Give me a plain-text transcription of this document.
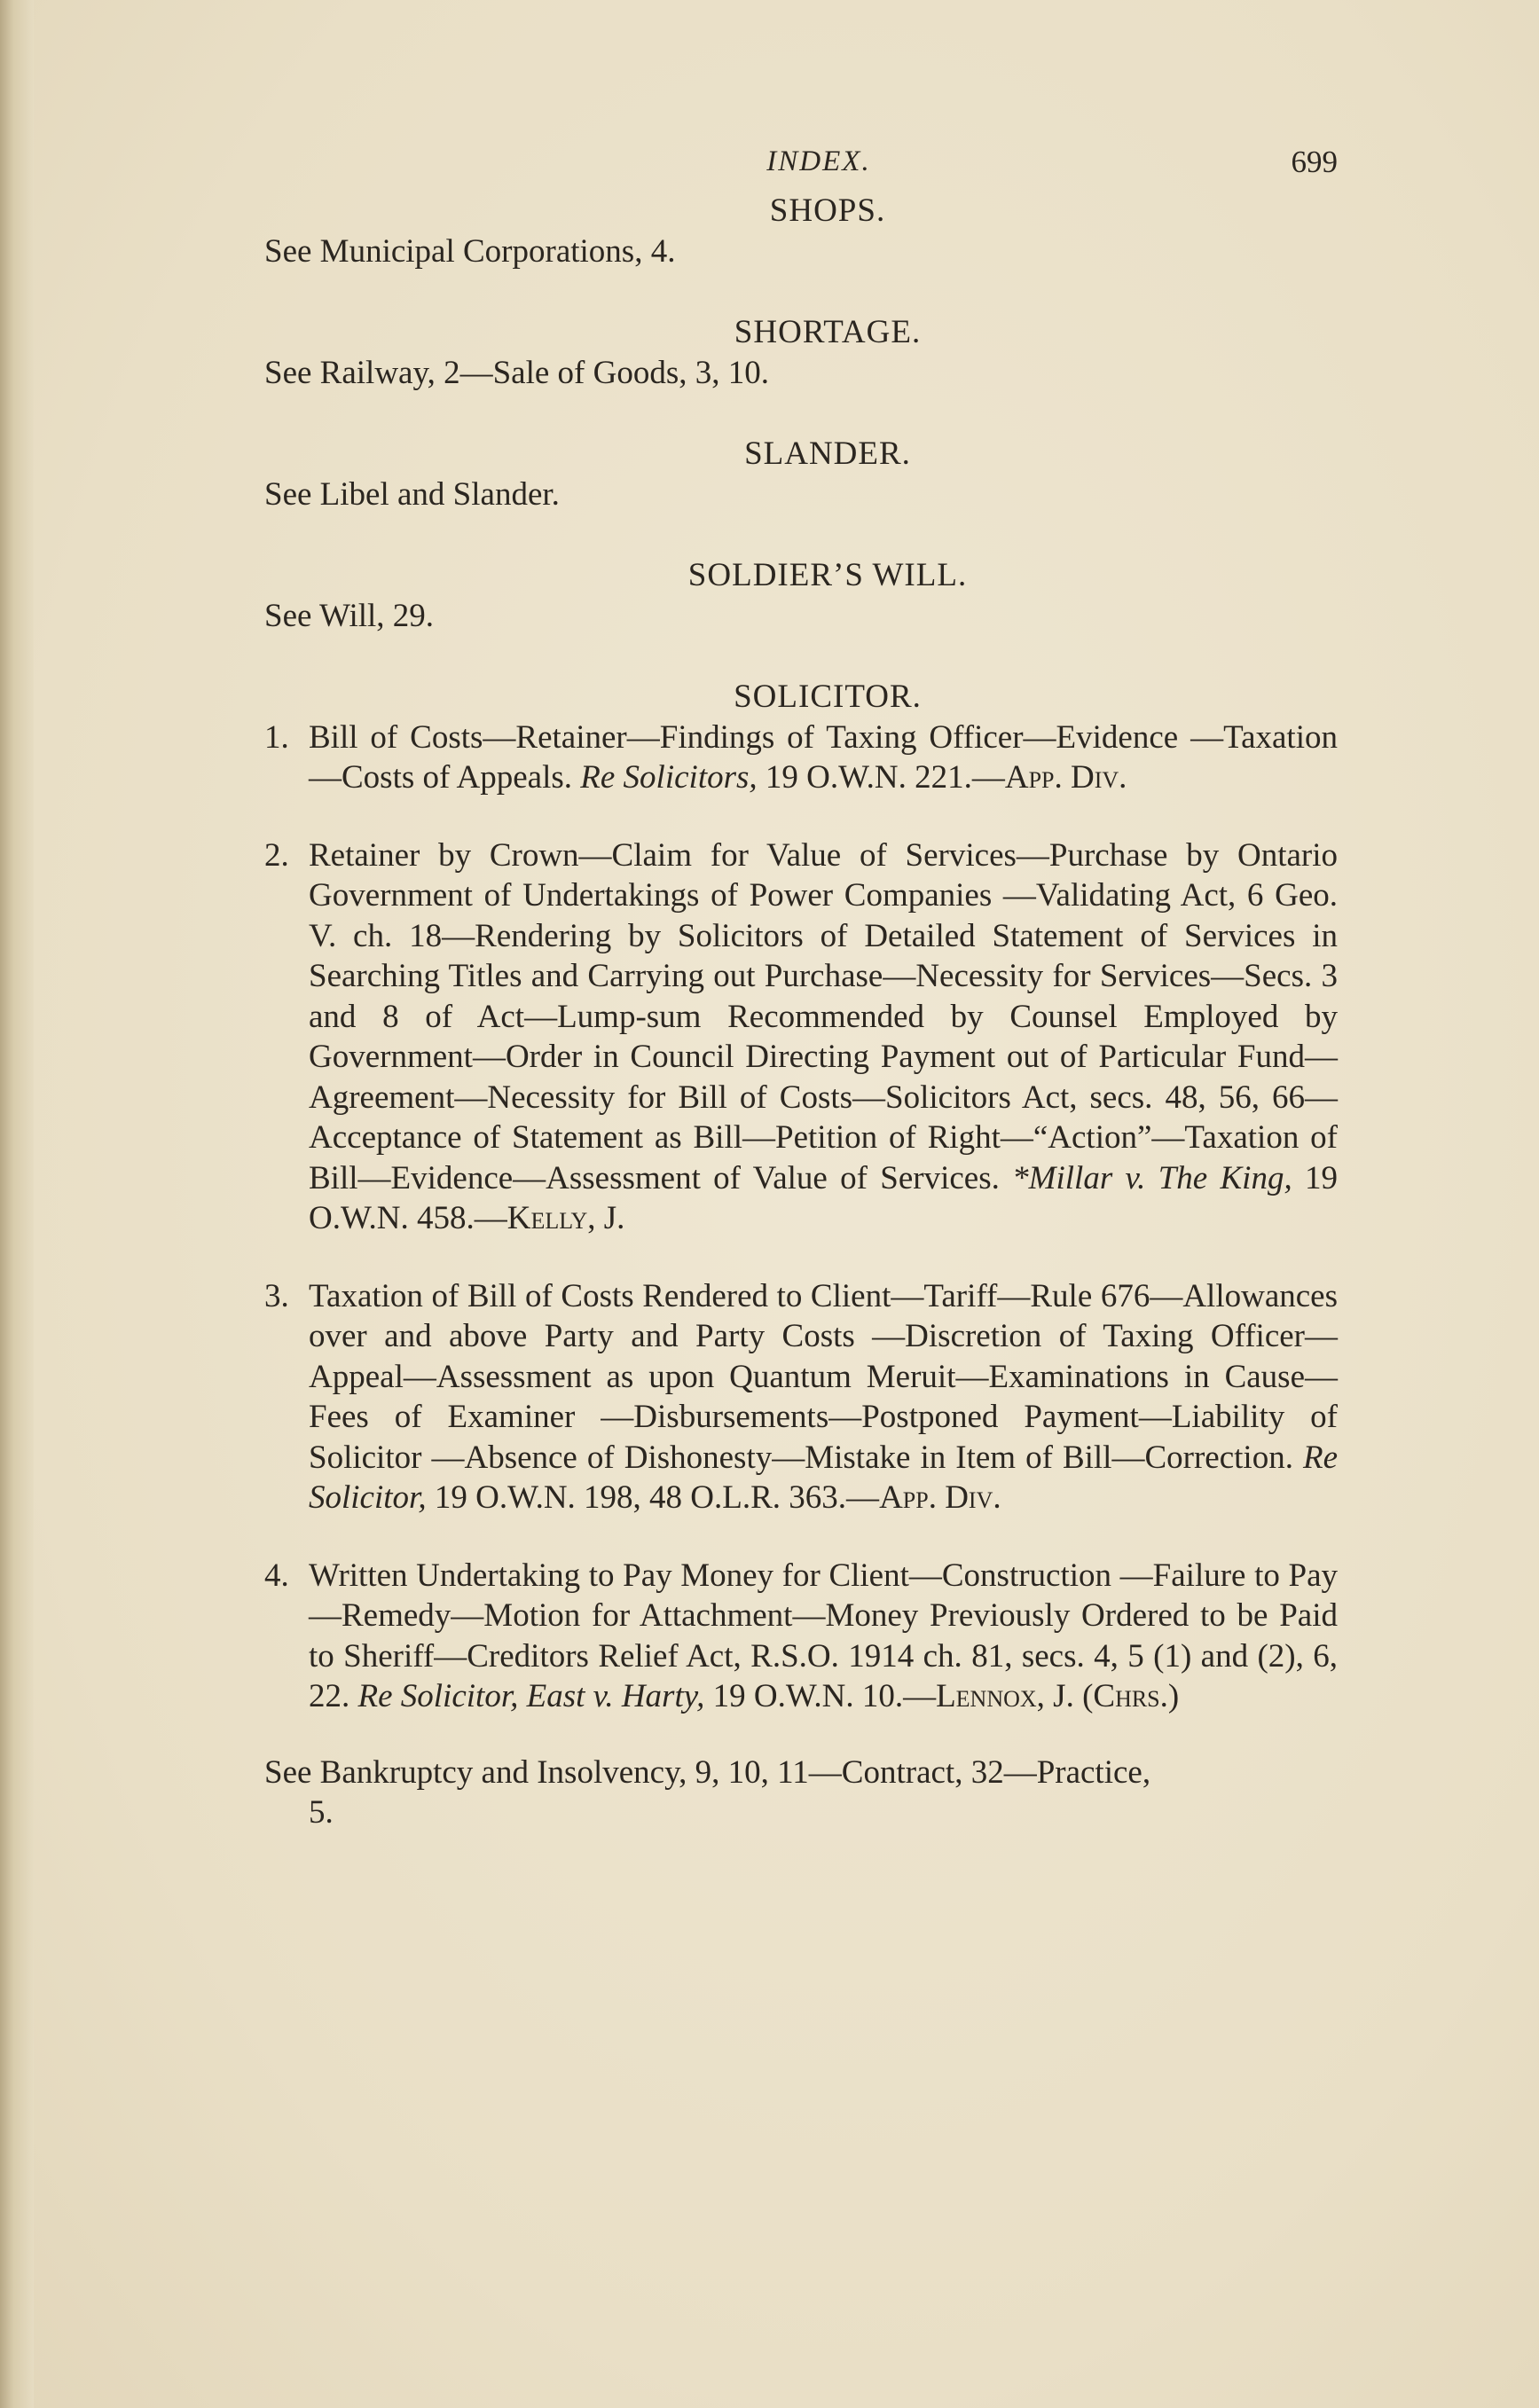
INDEX.	699

SHOPS.

See Municipal Corporations, 4.

SHORTAGE.

See Railway, 2—Sale of Goods, 3, 10.

SLANDER.

See Libel and Slander.

SOLDIER’S WILL.

See Will, 29.

SOLICITOR.

1. Bill of Costs—Retainer—Findings of Taxing Officer—Evidence —Taxation—Costs of Appeals. Re Solicitors, 19 O.W.N. 221.—App. Div.
2. Retainer by Crown—Claim for Value of Services—Purchase by Ontario Government of Undertakings of Power Companies —Validating Act, 6 Geo. V. ch. 18—Rendering by Solicitors of Detailed Statement of Services in Searching Titles and Carrying out Purchase—Necessity for Services—Secs. 3 and 8 of Act—Lump-sum Recommended by Counsel Employed by Government—Order in Council Directing Payment out of Particular Fund—Agreement—Necessity for Bill of Costs—Solicitors Act, secs. 48, 56, 66—Acceptance of Statement as Bill—Petition of Right—“Action”—Taxation of Bill—Evidence—Assessment of Value of Services. *Millar v. The King, 19 O.W.N. 458.—Kelly, J.
3. Taxation of Bill of Costs Rendered to Client—Tariff—Rule 676—Allowances over and above Party and Party Costs —Discretion of Taxing Officer—Appeal—Assessment as upon Quantum Meruit—Examinations in Cause—Fees of Examiner —Disbursements—Postponed Payment—Liability of Solicitor —Absence of Dishonesty—Mistake in Item of Bill—Correction. Re Solicitor, 19 O.W.N. 198, 48 O.L.R. 363.—App. Div.
4. Written Undertaking to Pay Money for Client—Construction —Failure to Pay—Remedy—Motion for Attachment—Money Previously Ordered to be Paid to Sheriff—Creditors Relief Act, R.S.O. 1914 ch. 81, secs. 4, 5 (1) and (2), 6, 22. Re Solicitor, East v. Harty, 19 O.W.N. 10.—Lennox, J. (Chrs.)
See Bankruptcy and Insolvency, 9, 10, 11—Contract, 32—Practice,
5.
